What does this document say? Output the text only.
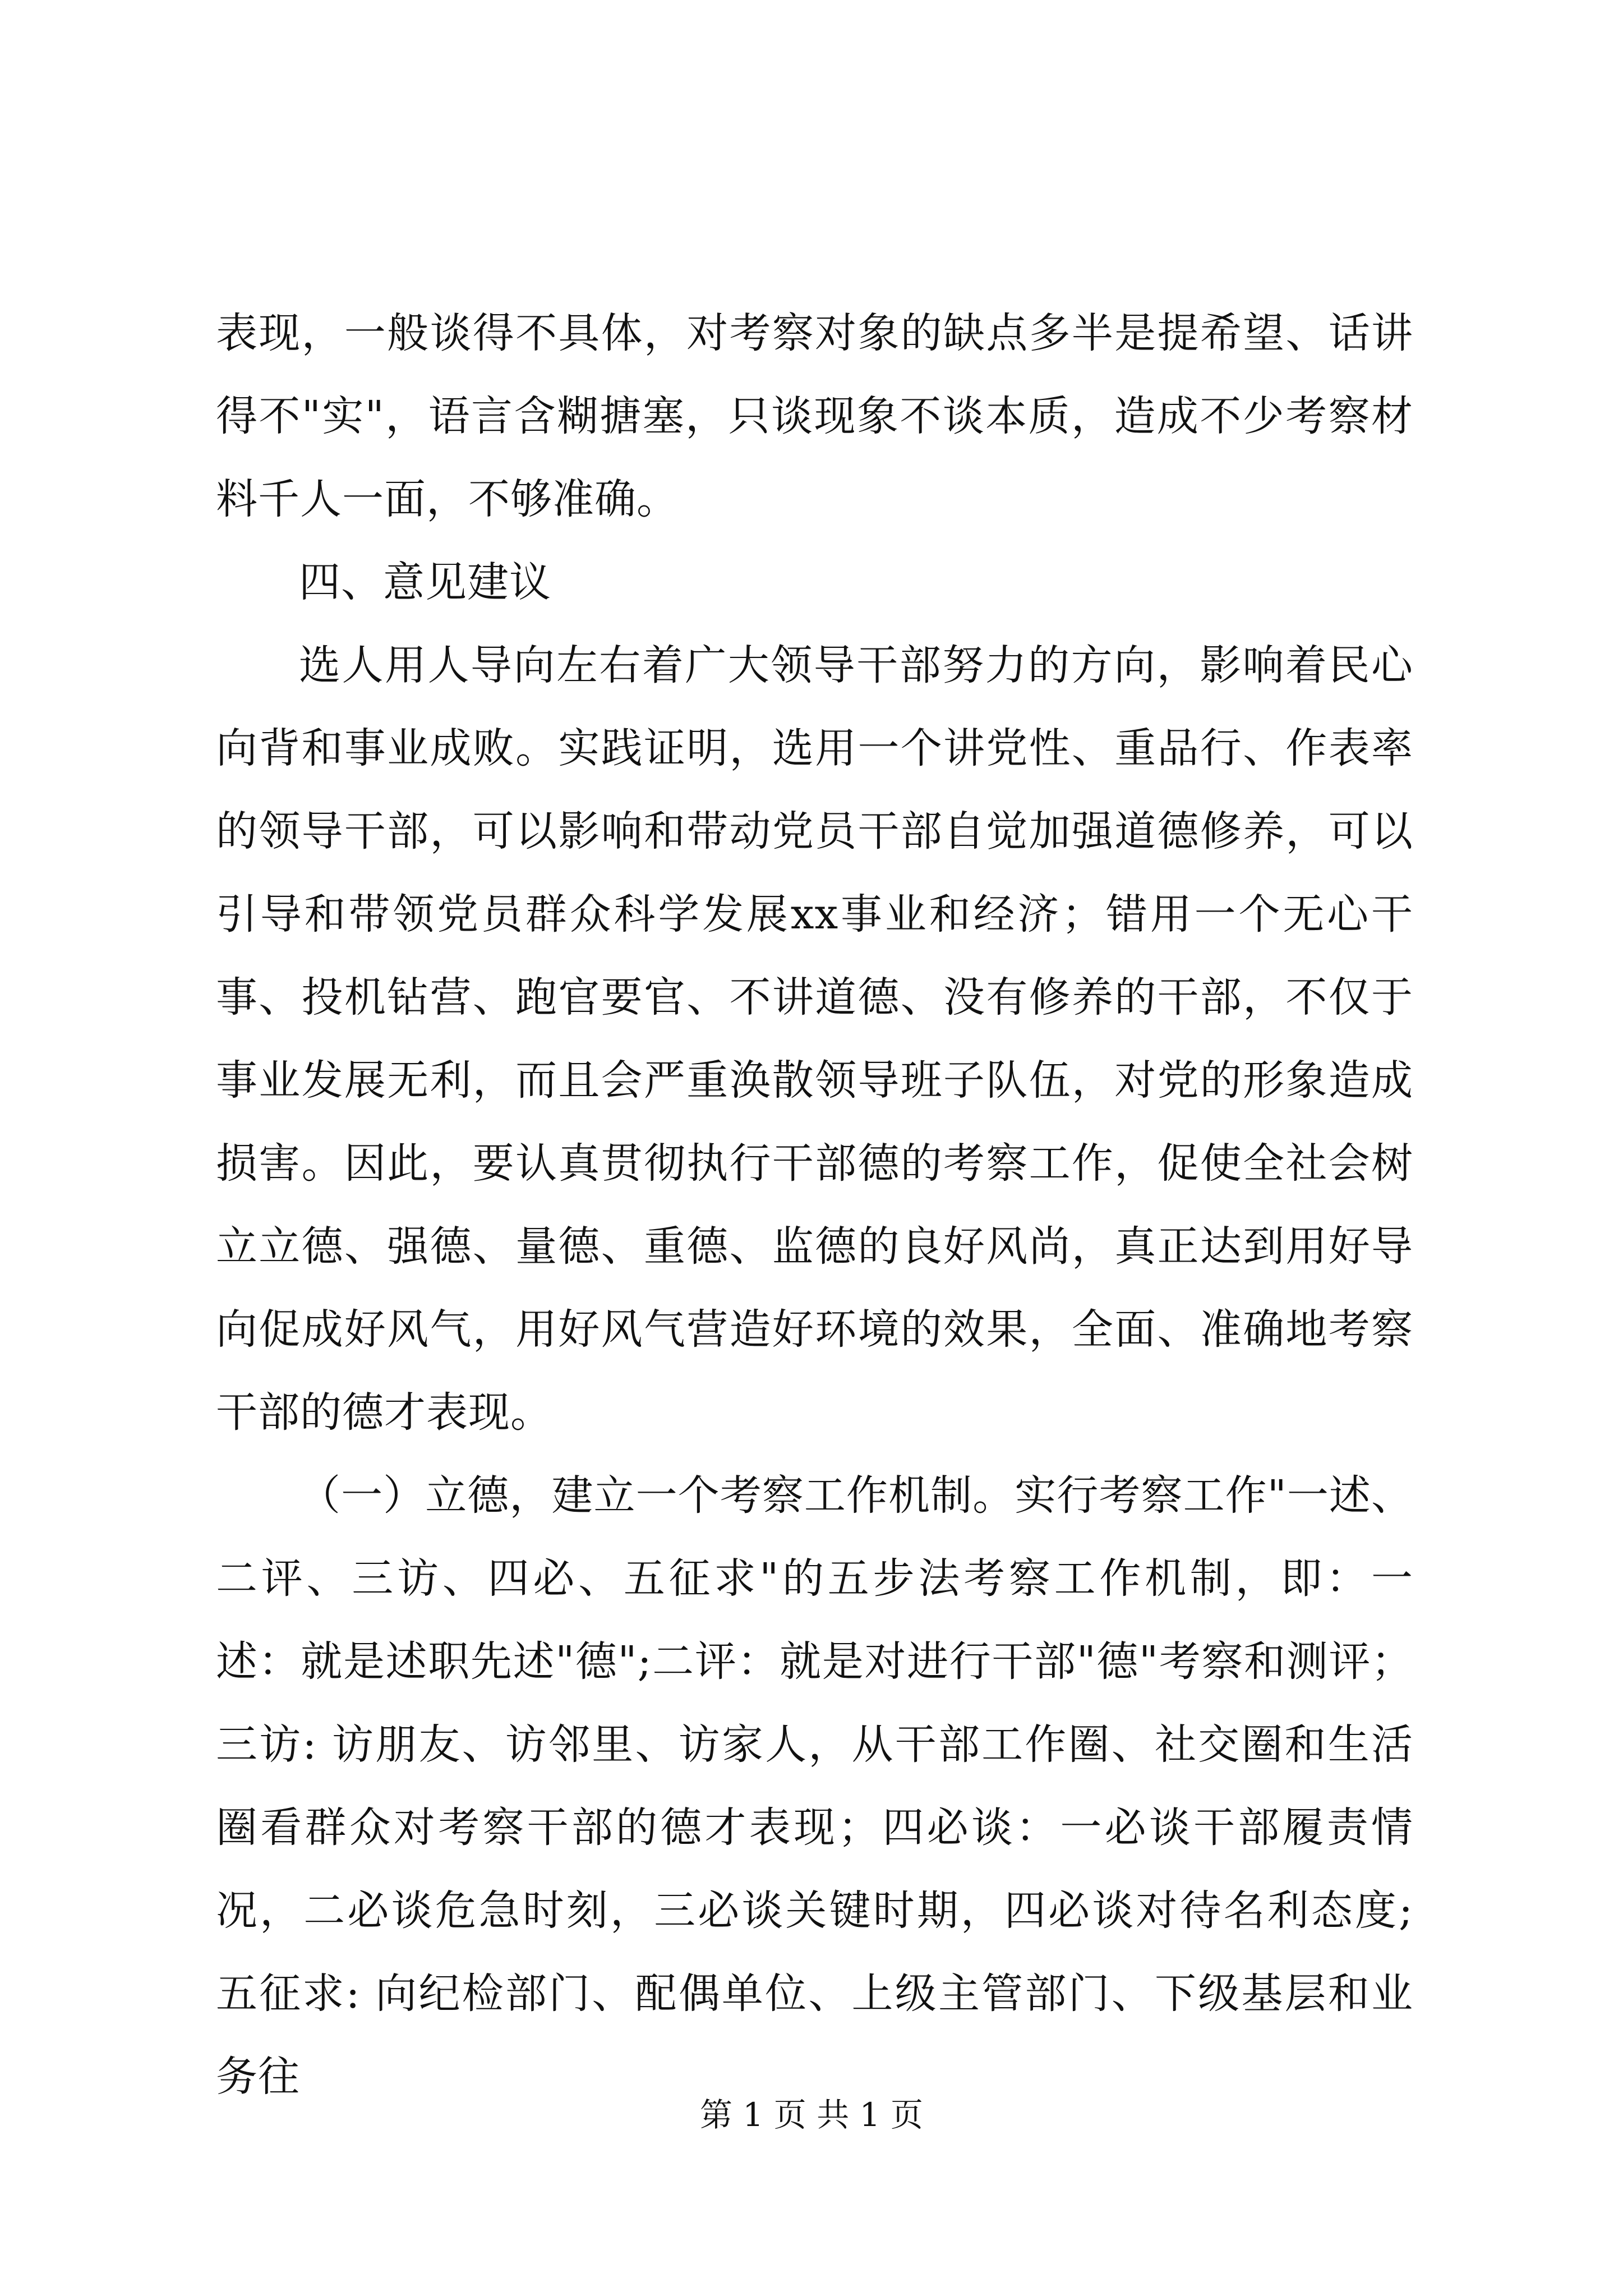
表现，一般谈得不具体，对考察对象的缺点多半是提希望、话讲得不"实"，语言含糊搪塞，只谈现象不谈本质，造成不少考察材料千人一面，不够准确。

四、意见建议

选人用人导向左右着广大领导干部努力的方向，影响着民心向背和事业成败。实践证明，选用一个讲党性、重品行、作表率的领导干部，可以影响和带动党员干部自觉加强道德修养，可以引导和带领党员群众科学发展xx事业和经济；错用一个无心干事、投机钻营、跑官要官、不讲道德、没有修养的干部，不仅于事业发展无利，而且会严重涣散领导班子队伍，对党的形象造成损害。因此，要认真贯彻执行干部德的考察工作，促使全社会树立立德、强德、量德、重德、监德的良好风尚，真正达到用好导向促成好风气，用好风气营造好环境的效果，全面、准确地考察干部的德才表现。

（一）立德，建立一个考察工作机制。实行考察工作"一述、二评、三访、四必、五征求"的五步法考察工作机制，即：一述：就是述职先述"德";二评：就是对进行干部"德"考察和测评；三访: 访朋友、访邻里、访家人，从干部工作圈、社交圈和生活圈看群众对考察干部的德才表现；四必谈：一必谈干部履责情况，二必谈危急时刻，三必谈关键时期，四必谈对待名利态度; 五征求: 向纪检部门、配偶单位、上级主管部门、下级基层和业务往

第 1 页 共 1 页
